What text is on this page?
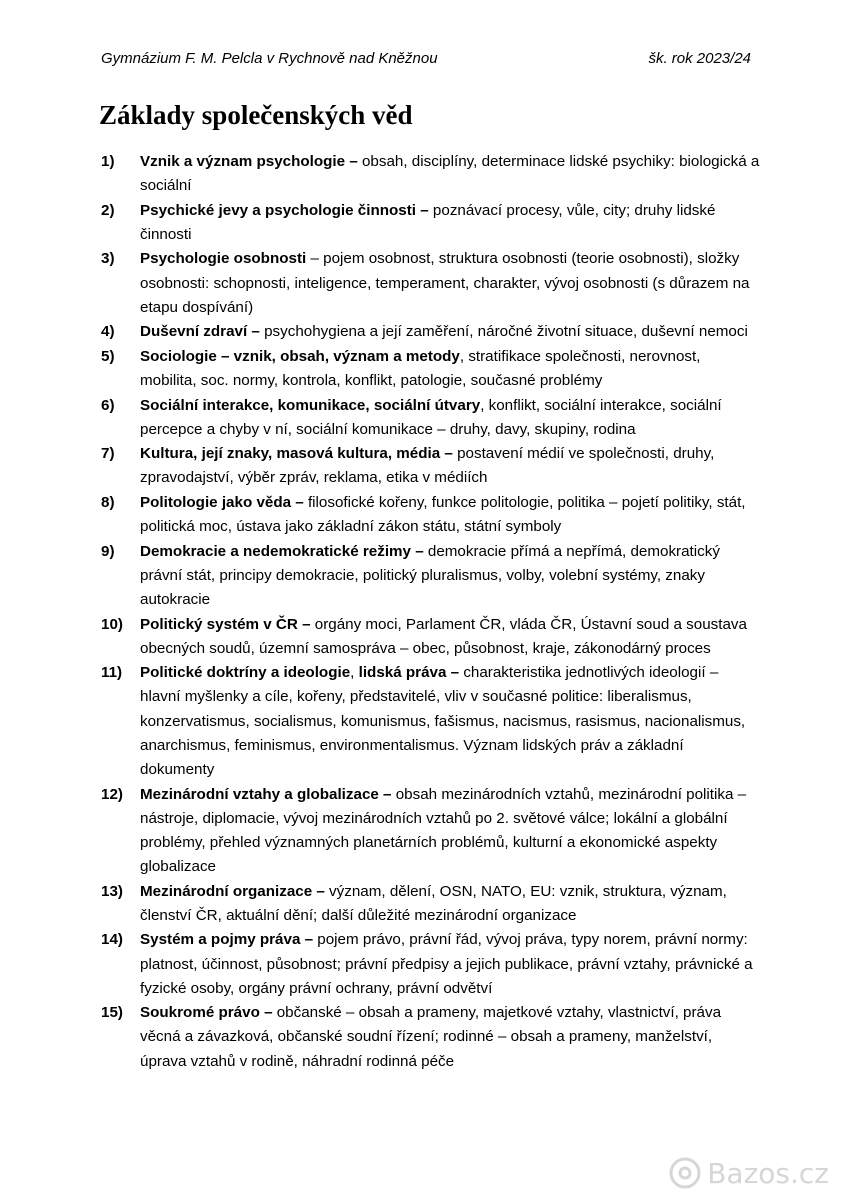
Gymnázium F. M. Pelcla v Rychnově nad Kněžnou	šk. rok 2023/24
Základy společenských věd
1)	Vznik a význam psychologie – obsah, disciplíny, determinace lidské psychiky: biologická a sociální
2)	Psychické jevy a psychologie činnosti – poznávací procesy, vůle, city; druhy lidské činnosti
3)	Psychologie osobnosti – pojem osobnost, struktura osobnosti (teorie osobnosti), složky osobnosti: schopnosti, inteligence, temperament, charakter, vývoj osobnosti (s důrazem na etapu dospívání)
4)	Duševní zdraví – psychohygiena a její zaměření, náročné životní situace, duševní nemoci
5)	Sociologie – vznik, obsah, význam a metody, stratifikace společnosti, nerovnost, mobilita, soc. normy, kontrola, konflikt, patologie, současné problémy
6)	Sociální interakce, komunikace, sociální útvary, konflikt, sociální interakce, sociální percepce a chyby v ní, sociální komunikace – druhy, davy, skupiny, rodina
7)	Kultura, její znaky, masová kultura, média – postavení médií ve společnosti, druhy, zpravodajství, výběr zpráv, reklama, etika v médiích
8)	Politologie jako věda – filosofické kořeny, funkce politologie, politika – pojetí politiky, stát, politická moc, ústava jako základní zákon státu, státní symboly
9)	Demokracie a nedemokratické režimy – demokracie přímá a nepřímá, demokratický právní stát, principy demokracie, politický pluralismus, volby, volební systémy, znaky autokracie
10)	Politický systém v ČR – orgány moci, Parlament ČR, vláda ČR, Ústavní soud a soustava obecných soudů, územní samospráva – obec, působnost, kraje, zákonodárný proces
11)	Politické doktríny a ideologie, lidská práva – charakteristika jednotlivých ideologií – hlavní myšlenky a cíle, kořeny, představitelé, vliv v současné politice: liberalismus, konzervatismus, socialismus, komunismus, fašismus, nacismus, rasismus, nacionalismus, anarchismus, feminismus, environmentalismus. Význam lidských práv a základní dokumenty
12)	Mezinárodní vztahy a globalizace – obsah mezinárodních vztahů, mezinárodní politika – nástroje, diplomacie, vývoj mezinárodních vztahů po 2. světové válce; lokální a globální problémy, přehled významných planetárních problémů, kulturní a ekonomické aspekty globalizace
13)	Mezinárodní organizace – význam, dělení, OSN, NATO, EU: vznik, struktura, význam, členství ČR, aktuální dění; další důležité mezinárodní organizace
14)	Systém a pojmy práva – pojem právo, právní řád, vývoj práva, typy norem, právní normy: platnost, účinnost, působnost; právní předpisy a jejich publikace, právní vztahy, právnické a fyzické osoby, orgány právní ochrany, právní odvětví
15)	Soukromé právo – občanské – obsah a prameny, majetkové vztahy, vlastnictví, práva věcná a závazková, občanské soudní řízení; rodinné – obsah a prameny, manželství, úprava vztahů v rodině, náhradní rodinná péče
Bazos.cz
